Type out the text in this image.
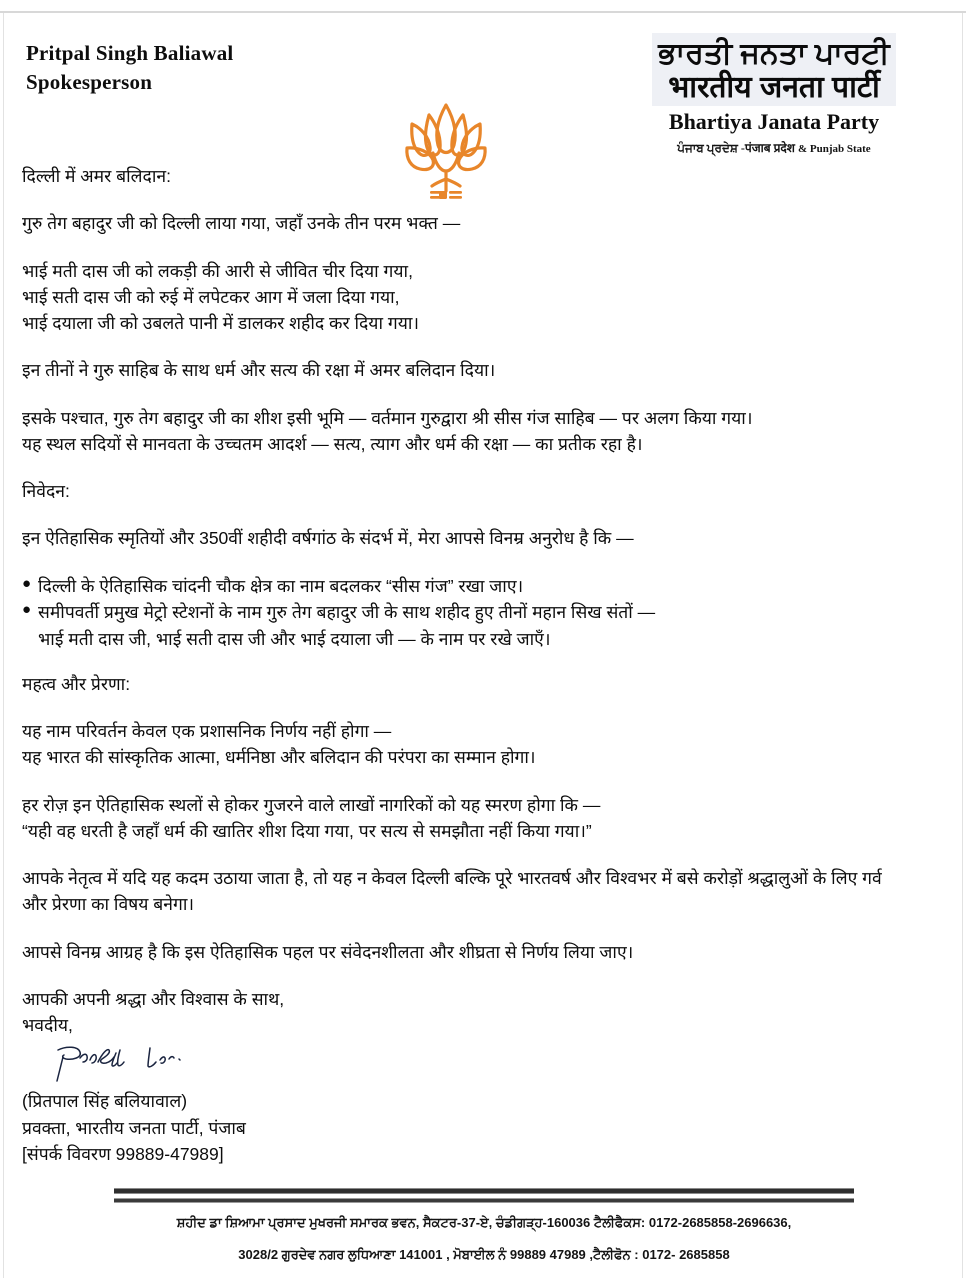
Pritpal Singh Baliawal
Spokesperson
ਭਾਰਤੀ ਜਨਤਾ ਪਾਰਟੀ
भारतीय जनता पार्टी
Bhartiya Janata Party
ਪੰਜਾਬ ਪ੍ਰਦੇਸ਼ -पंजाब प्रदेश & Punjab State
दिल्ली में अमर बलिदान:
गुरु तेग बहादुर जी को दिल्ली लाया गया, जहाँ उनके तीन परम भक्त —
भाई मती दास जी को लकड़ी की आरी से जीवित चीर दिया गया,
भाई सती दास जी को रुई में लपेटकर आग में जला दिया गया,
भाई दयाला जी को उबलते पानी में डालकर शहीद कर दिया गया।
इन तीनों ने गुरु साहिब के साथ धर्म और सत्य की रक्षा में अमर बलिदान दिया।
इसके पश्चात, गुरु तेग बहादुर जी का शीश इसी भूमि — वर्तमान गुरुद्वारा श्री सीस गंज साहिब — पर अलग किया गया।
यह स्थल सदियों से मानवता के उच्चतम आदर्श — सत्य, त्याग और धर्म की रक्षा — का प्रतीक रहा है।
निवेदन:
इन ऐतिहासिक स्मृतियों और 350वीं शहीदी वर्षगांठ के संदर्भ में, मेरा आपसे विनम्र अनुरोध है कि —
● दिल्ली के ऐतिहासिक चांदनी चौक क्षेत्र का नाम बदलकर “सीस गंज” रखा जाए।
● समीपवर्ती प्रमुख मेट्रो स्टेशनों के नाम गुरु तेग बहादुर जी के साथ शहीद हुए तीनों महान सिख संतों —
भाई मती दास जी, भाई सती दास जी और भाई दयाला जी — के नाम पर रखे जाएँ।
महत्व और प्रेरणा:
यह नाम परिवर्तन केवल एक प्रशासनिक निर्णय नहीं होगा —
यह भारत की सांस्कृतिक आत्मा, धर्मनिष्ठा और बलिदान की परंपरा का सम्मान होगा।
हर रोज़ इन ऐतिहासिक स्थलों से होकर गुजरने वाले लाखों नागरिकों को यह स्मरण होगा कि —
“यही वह धरती है जहाँ धर्म की खातिर शीश दिया गया, पर सत्य से समझौता नहीं किया गया।”
आपके नेतृत्व में यदि यह कदम उठाया जाता है, तो यह न केवल दिल्ली बल्कि पूरे भारतवर्ष और विश्वभर में बसे करोड़ों श्रद्धालुओं के लिए गर्व
और प्रेरणा का विषय बनेगा।
आपसे विनम्र आग्रह है कि इस ऐतिहासिक पहल पर संवेदनशीलता और शीघ्रता से निर्णय लिया जाए।
आपकी अपनी श्रद्धा और विश्वास के साथ,
भवदीय,
(प्रितपाल सिंह बलियावाल)
प्रवक्ता, भारतीय जनता पार्टी, पंजाब
[संपर्क विवरण 99889-47989]
ਸ਼ਹੀਦ ਡਾ ਸ਼ਿਆਮਾ ਪ੍ਰਸਾਦ ਮੁਖਰਜੀ ਸਮਾਰਕ ਭਵਨ, ਸੈਕਟਰ-37-ਏ, ਚੰਡੀਗੜ੍ਹ-160036 ਟੈਲੀਫੈਕਸ: 0172-2685858-2696636,
3028/2 ਗੁਰਦੇਵ ਨਗਰ ਲੁਧਿਆਣਾ 141001 , ਮੋਬਾਈਲ ਨੰ 99889 47989 ,ਟੈਲੀਫੋਨ : 0172- 2685858
